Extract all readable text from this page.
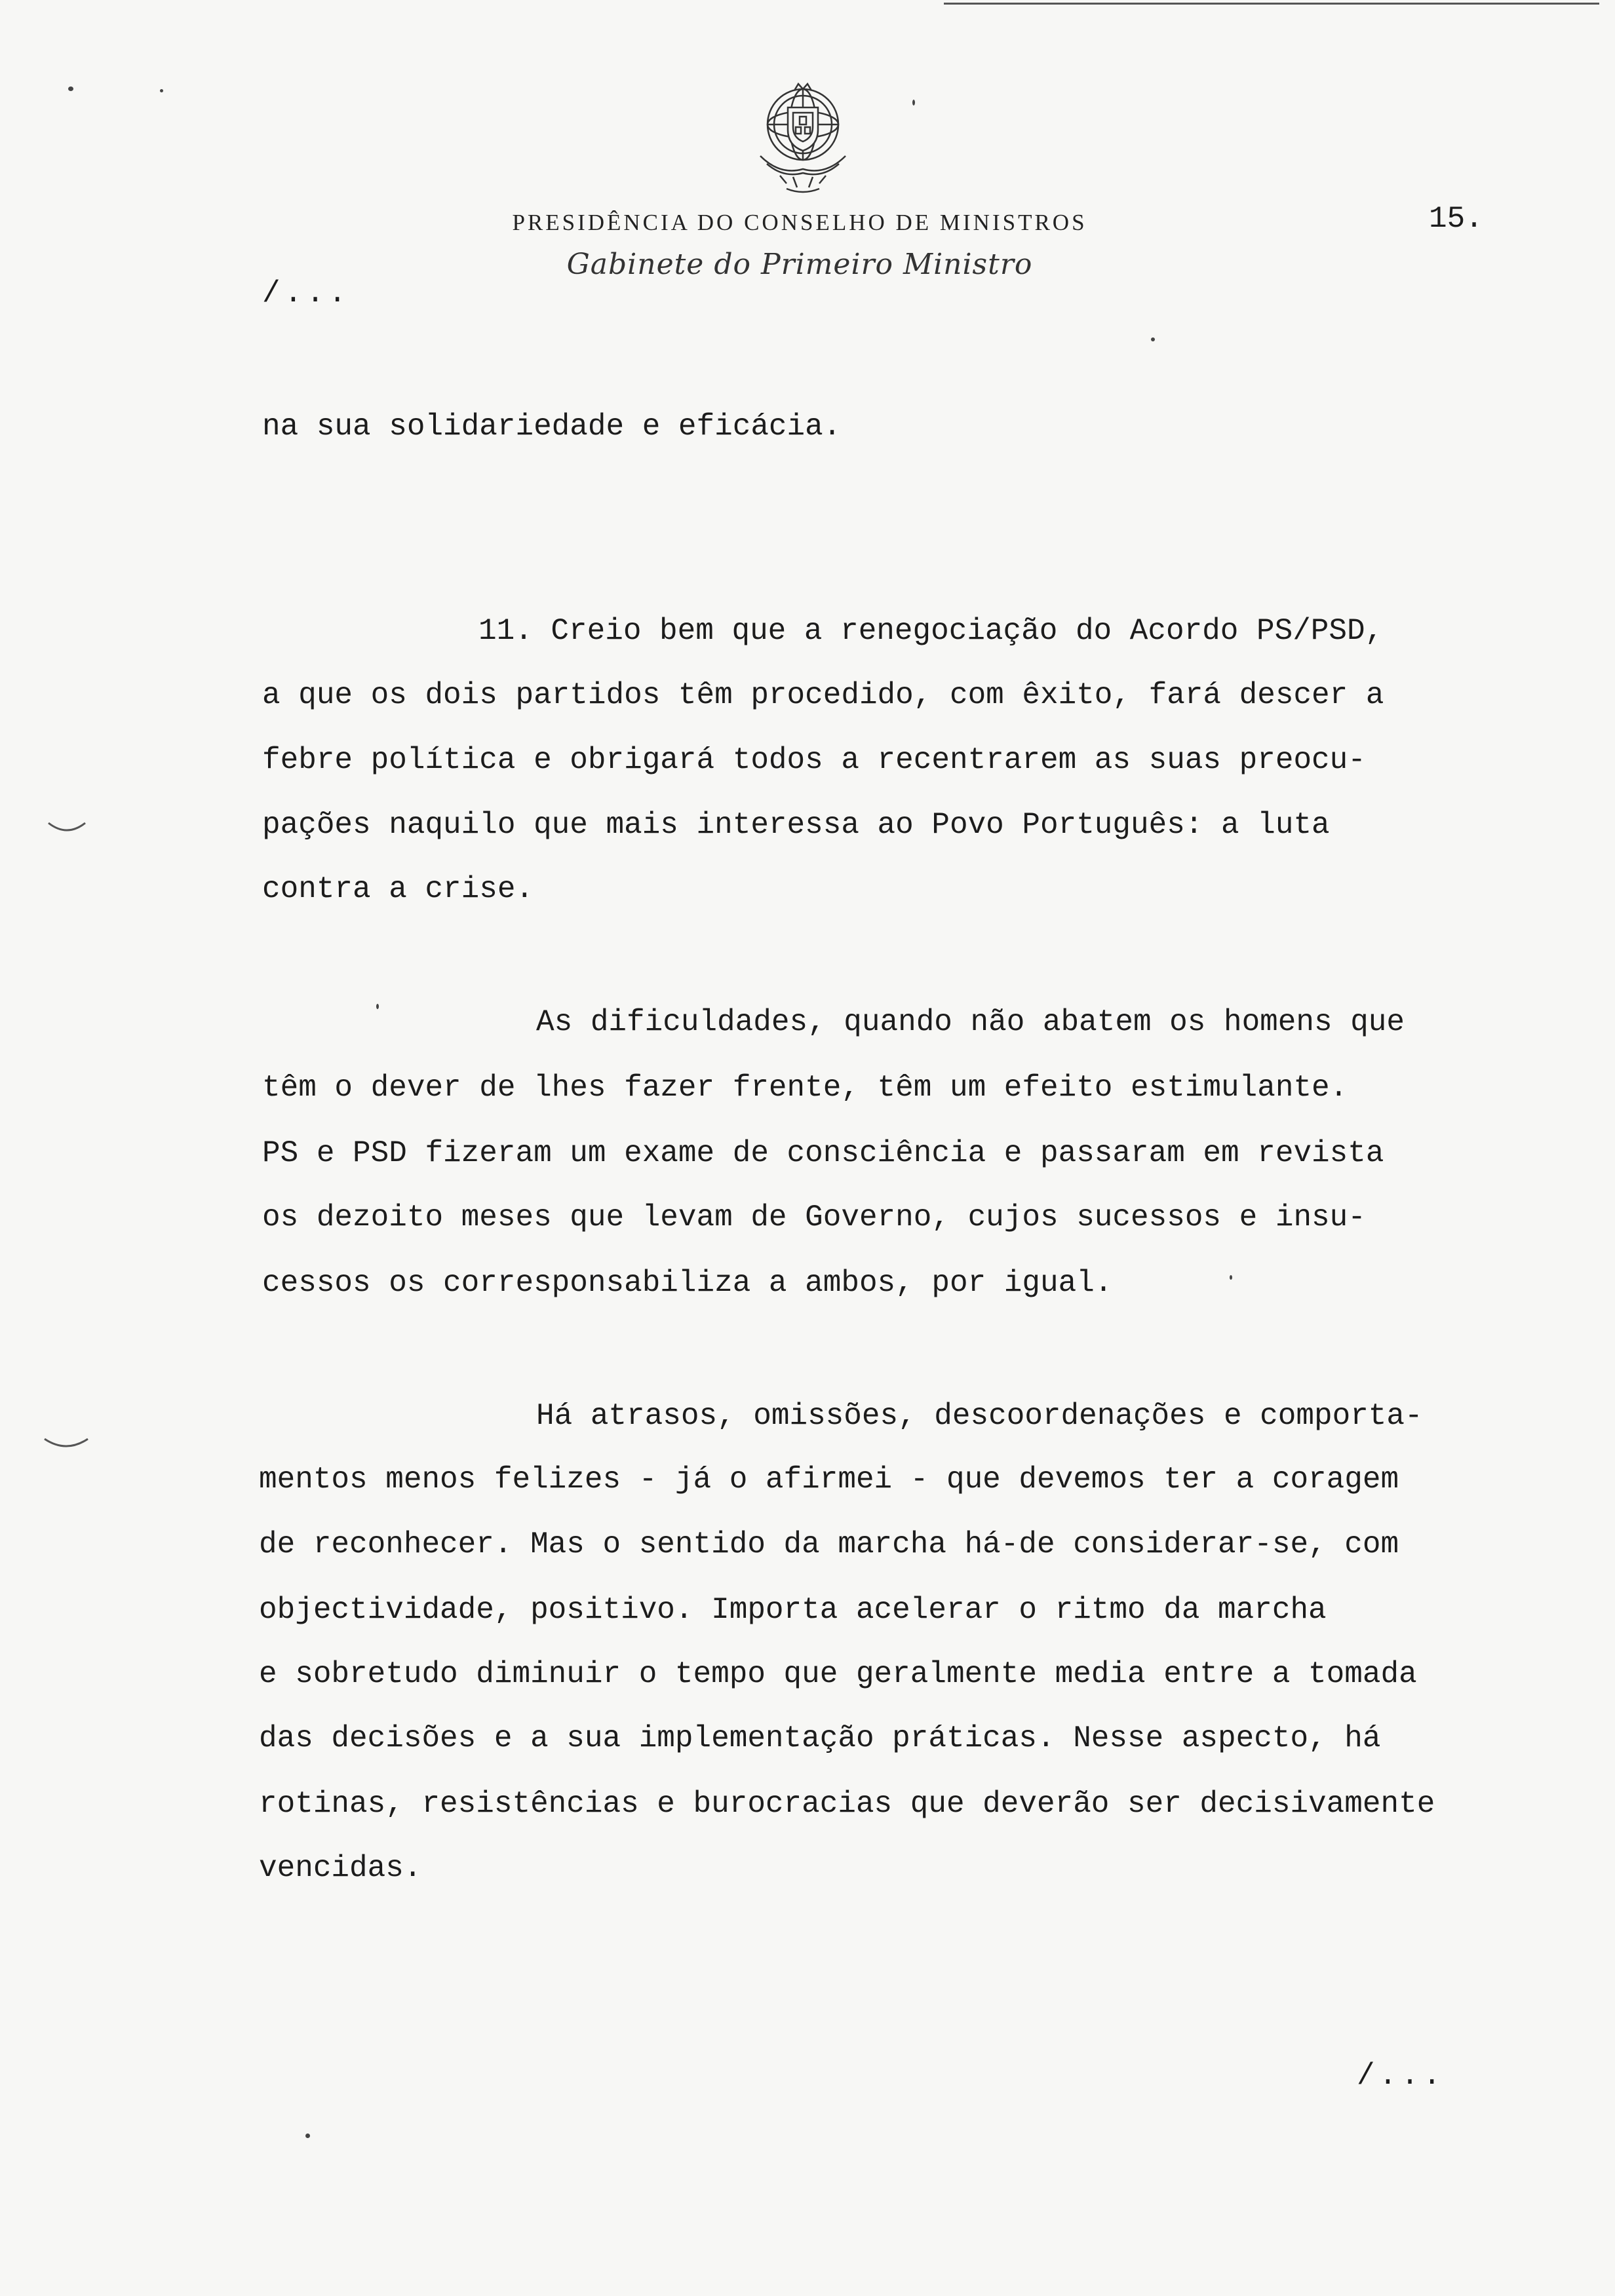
PRESIDÊNCIA DO CONSELHO DE MINISTROS
Gabinete do Primeiro Ministro
15.
/...
na sua solidariedade e eficácia.
11. Creio bem que a renegociação do Acordo PS/PSD,
a que os dois partidos têm procedido, com êxito, fará descer a
febre política e obrigará todos a recentrarem as suas preocu-
pações naquilo que mais interessa ao Povo Português: a luta
contra a crise.
As dificuldades, quando não abatem os homens que
têm o dever de lhes fazer frente, têm um efeito estimulante.
PS e PSD fizeram um exame de consciência e passaram em revista
os dezoito meses que levam de Governo, cujos sucessos e insu-
cessos os corresponsabiliza a ambos, por igual.
Há atrasos, omissões, descoordenações e comporta-
mentos menos felizes - já o afirmei - que devemos ter a coragem
de reconhecer. Mas o sentido da marcha há-de considerar-se, com
objectividade, positivo. Importa acelerar o ritmo da marcha
e sobretudo diminuir o tempo que geralmente media entre a tomada
das decisões e a sua implementação práticas. Nesse aspecto, há
rotinas, resistências e burocracias que deverão ser decisivamente
vencidas.
/...
